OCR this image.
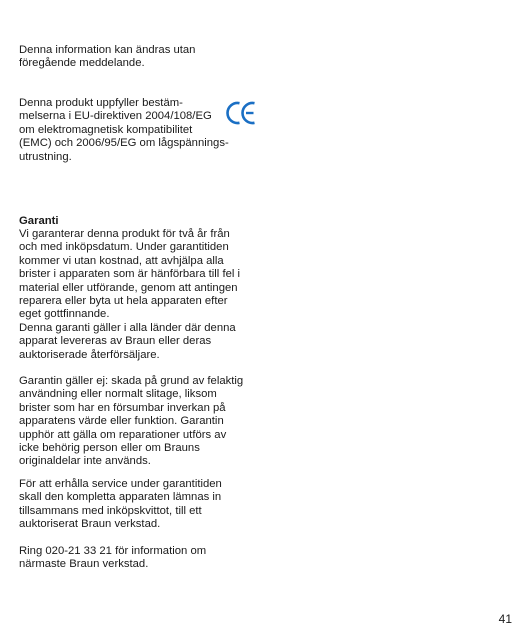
Denna information kan ändras utan
föregående meddelande.
Denna produkt uppfyller bestäm-
melserna i EU-direktiven 2004/108/EG
om elektromagnetisk kompatibilitet
(EMC) och 2006/95/EG om lågspännings-
utrustning.
Garanti
Vi garanterar denna produkt för två år från
och med inköpsdatum. Under garantitiden
kommer vi utan kostnad, att avhjälpa alla
brister i apparaten som är hänförbara till fel i
material eller utförande, genom att antingen
reparera eller byta ut hela apparaten efter
eget gottfinnande.
Denna garanti gäller i alla länder där denna
apparat levereras av Braun eller deras
auktoriserade återförsäljare.
Garantin gäller ej: skada på grund av felaktig
användning eller normalt slitage, liksom
brister som har en försumbar inverkan på
apparatens värde eller funktion. Garantin
upphör att gälla om reparationer utförs av
icke behörig person eller om Brauns
originaldelar inte används.
För att erhålla service under garantitiden
skall den kompletta apparaten lämnas in
tillsammans med inköpskvittot, till ett
auktoriserat Braun verkstad.
Ring 020-21 33 21 för information om
närmaste Braun verkstad.
41
